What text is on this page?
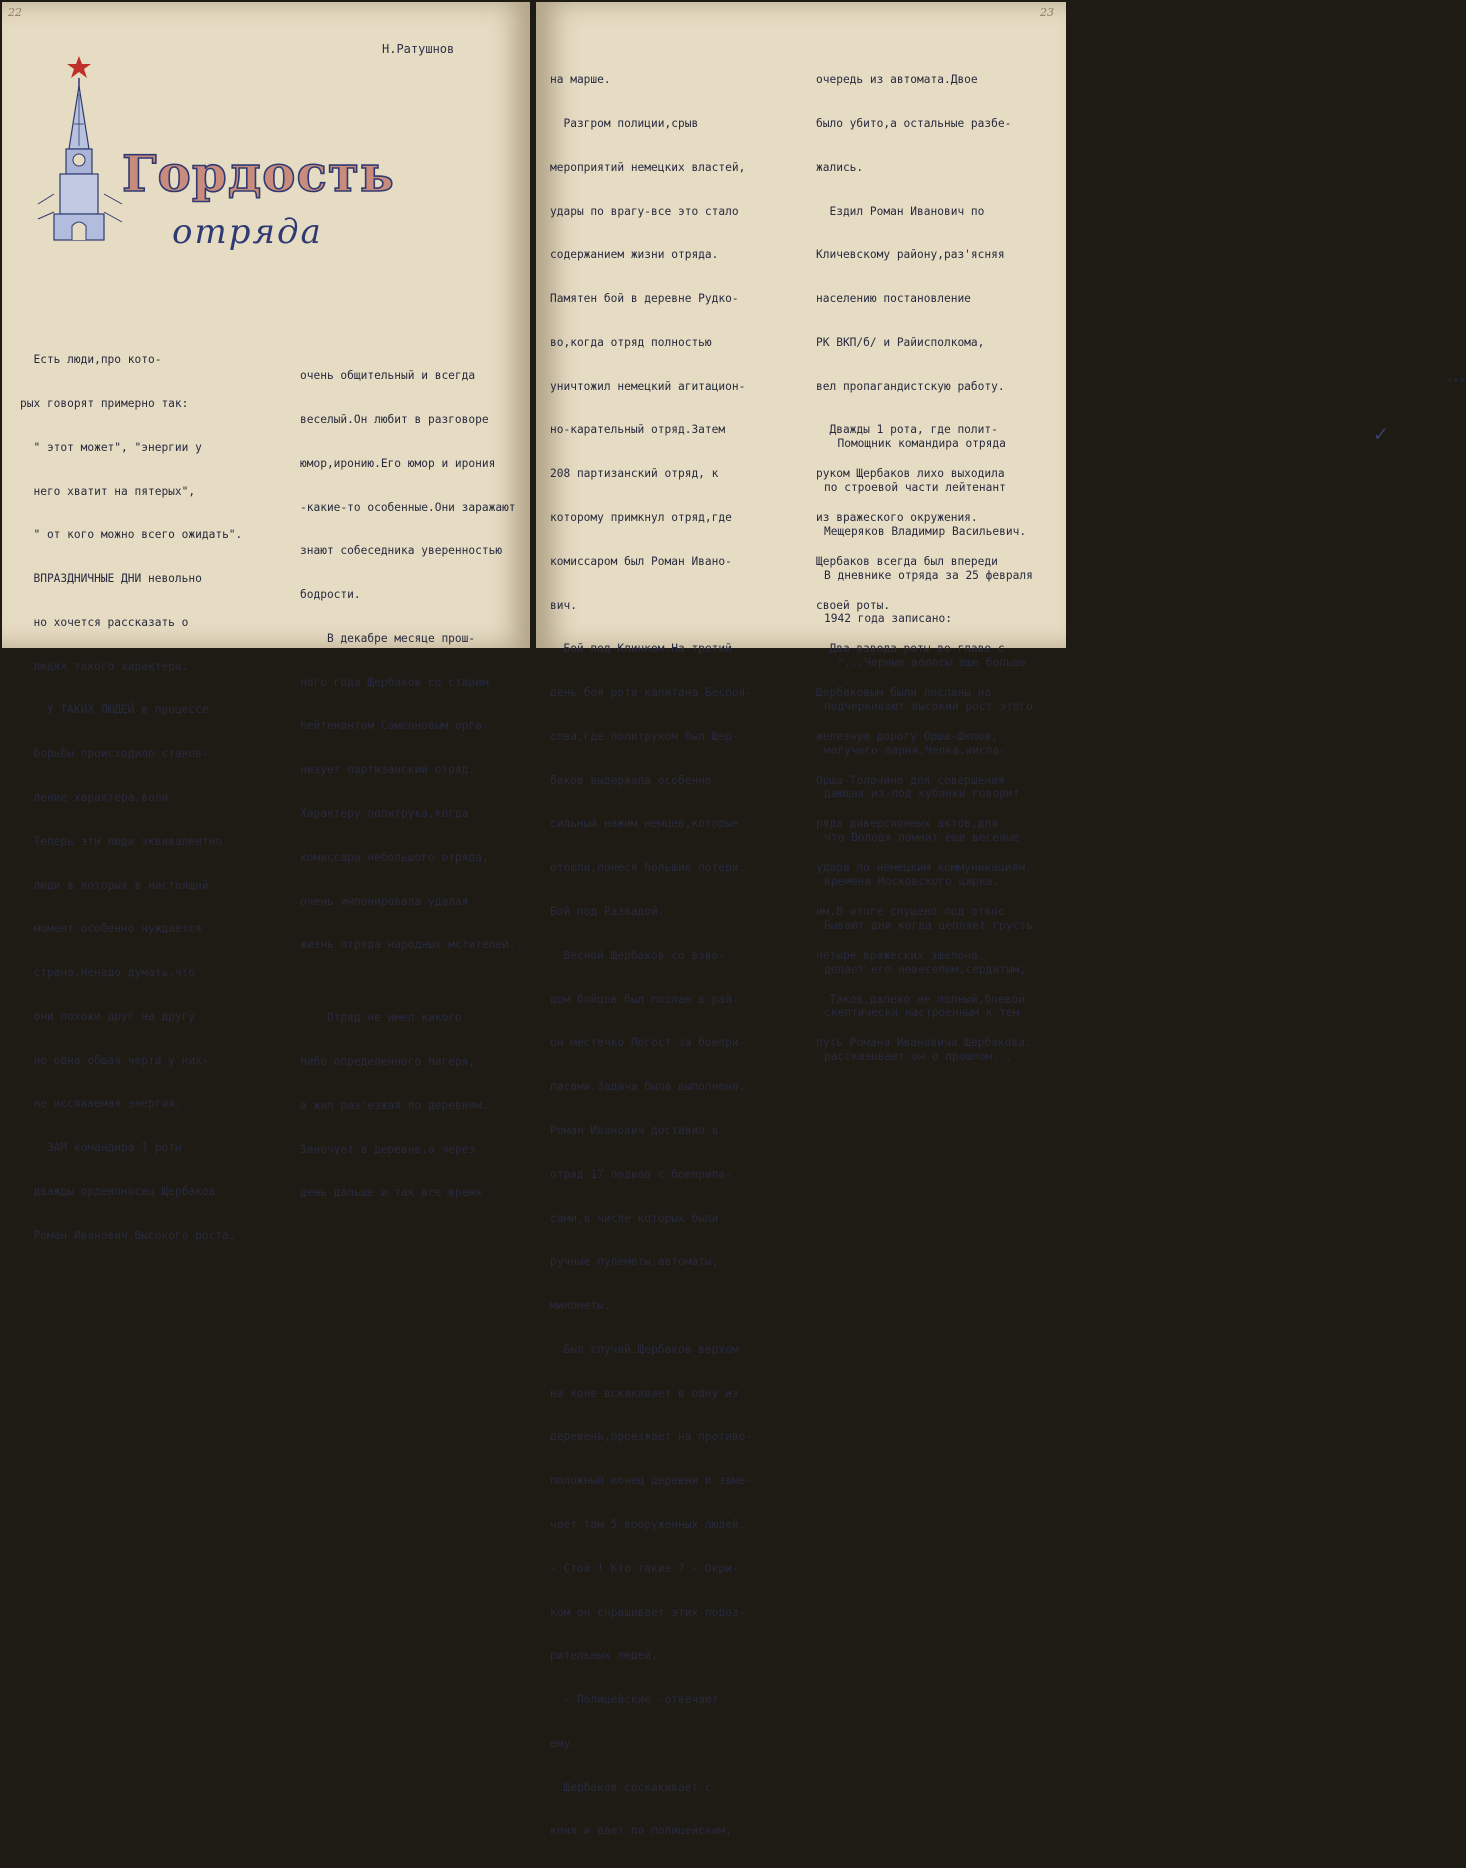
22
Н.Ратушнов
Гордость
отряда

Есть люди,про кото-

рых говорят примерно так:

" этот может", "энергии у

него хватит на пятерых",

" от кого можно всего ожидать".

ВПРАЗДНИЧНЫЕ ДНИ невольно

но хочется рассказать о

людях такого характера.

У ТАКИХ ЛЮДЕЙ в процессе

борьбы происходило станов-

ление характера,воли.

Теперь эти люди эквивалентно

люди в которых в настоящий

момент особенно нуждается

страна.Ненадо думать,что

они похожи друг на другу

но одна общая черта у них-

не иссякаемая энергия.

ЗАМ командира 1 роты

дважды орденоносец Щербаков

Роман Иванович.Высокого роста,

очень общительный и всегда

веселый.Он любит в разговоре

юмор,иронию.Его юмор и ирония

-какие-то особенные.Они заражают

знают собеседника уверенностью

бодрости.

В декабре месяце прош-

лого года Щербаков со старим

лейтенантом Самсоновым орга-

низует партизанский отряд.

Характеру политрука,когда

комиссара небольшого отряда,

очень импонировала удалая

жизнь отряда народных мстителей.

Отряд не имел какого

либо определенного лагеря,

а жил раз'езжая по деревням.

Заночует в деревне,а через

день дальше и так все время

23

на марше.

Разгром полиции,срыв

мероприятий немецких властей,

удары по врагу-все это стало

содержанием жизни отряда.

Памятен бой в деревне Рудко-

во,когда отряд полностью

уничтожил немецкий агитацион-

но-карательный отряд.Затем

208 партизанский отряд, к

которому примкнул отряд,где

комиссаром был Роман Ивано-

вич.

Бой под Клинком.На третий

день боя рота капитана Беспоя-

сова,где политруком был Щер-

баков выдержала особенно

сильный нажим немцев,которые

отошли,понеся большие потери.

Бой под Развадой.

Весной Щербаков со взво-

дом бойцов был послан в рай-

он местечко Погост за боепри-

пасами.Задача была выполнена.

Роман Иванович доставил в

отряд 17 подвод с боеприпа-

сами,в числе которых были

ручные пулеметы,автоматы,

минометы.

Был случай.Щербаков верхом

на коне вскакивает в одну из

деревень,проезжает на противо-

положный конец деревни и заме-

чает там 5 вооруженных людей.

- Стой ! Кто такие ? - Окри-

ком он спрашивает этих подоз-

рительных людей.

- Полицейские -отвечают

ему.

Щербаков соскакивает с

коня и дает по полицейским,

очередь из автомата.Двое

было убито,а остальные разбе-

жались.

Ездил Роман Иванович по

Кличевскому району,раз'ясняя

населению постановление

РК ВКП/б/ и Райисполкома,

вел пропагандистскую работу.

Дважды 1 рота, где полит-

руком Щербаков лихо выходила

из вражеского окружения.

Щербаков всегда был впереди

своей роты.

Два взвода роты во главе с

Щербаковым были посланы на

железную дорогу Орша-Шклов,

Орша-Толочино для совершения

ряда диверсионных актов,для

удара по немецким коммуникациям.

им.В итоге спущено под откос

четыре вражеских эшелона.

Таков,далеко не полный,боевой

путь Романа Ивановича Щербакова.

***
✓

Помощник командира отряда

по строевой части лейтенант

Мещеряков Владимир Васильевич.

В дневнике отряда за 25 февраля

1942 года записано:

"...Черные волосы еще больше

подчеркивают высокий рост этого

могучего парня.Челка,ниспа-

дающая из-под кубанки говорит

что Володя помнит еще веселые

времена Московского цирка.

Бывают дни когда цепляет грусть

делает его невеселым,сердитым,

скептически настроенным к тем

рассказывает он о прошлом...
